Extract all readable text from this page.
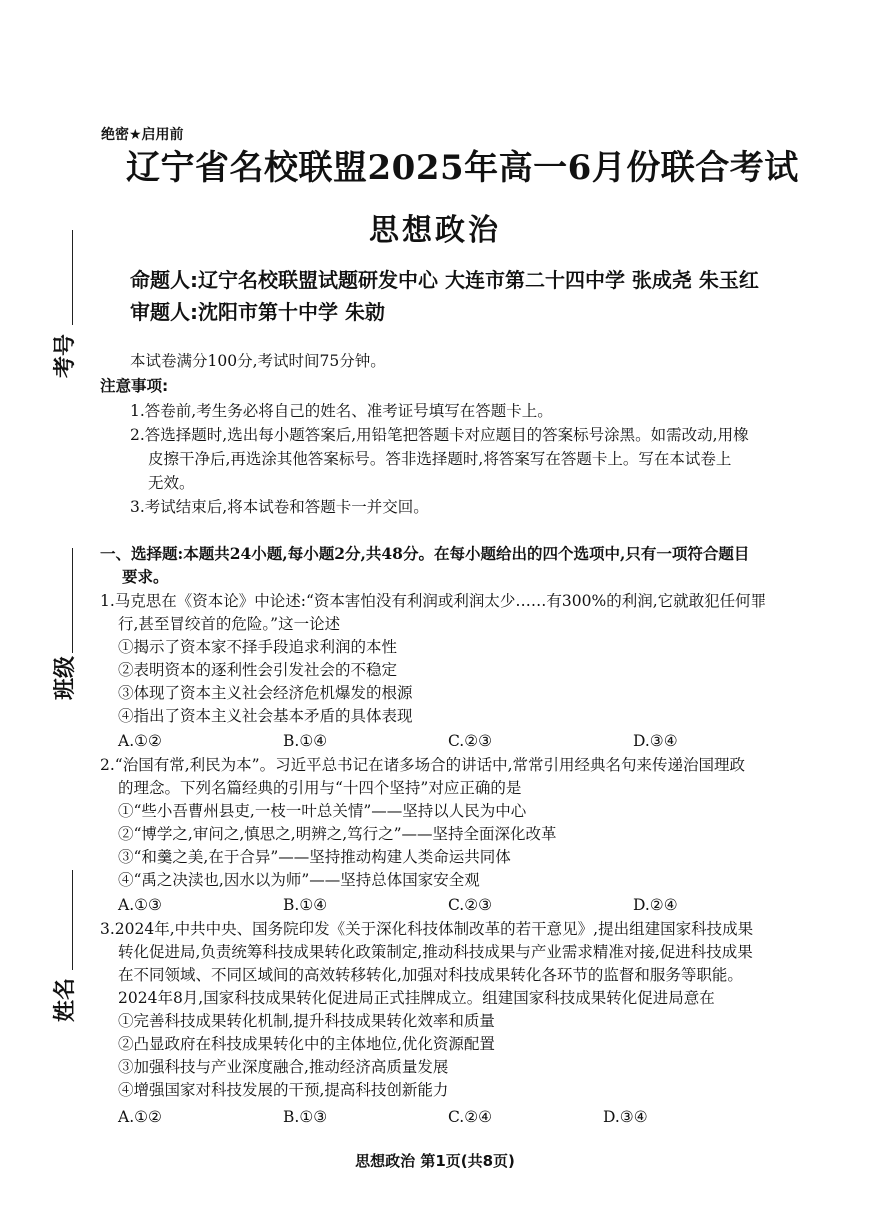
考号
班级
姓名
绝密★启用前
辽宁省名校联盟2025年高一6月份联合考试
思想政治
命题人:辽宁名校联盟试题研发中心 大连市第二十四中学 张成尧 朱玉红
审题人:沈阳市第十中学 朱勍
本试卷满分100分,考试时间75分钟。
注意事项:
1.答卷前,考生务必将自己的姓名、准考证号填写在答题卡上。
2.答选择题时,选出每小题答案后,用铅笔把答题卡对应题目的答案标号涂黑。如需改动,用橡
皮擦干净后,再选涂其他答案标号。答非选择题时,将答案写在答题卡上。写在本试卷上
无效。
3.考试结束后,将本试卷和答题卡一并交回。
一、选择题:本题共24小题,每小题2分,共48分。在每小题给出的四个选项中,只有一项符合题目
要求。
1.马克思在《资本论》中论述:“资本害怕没有利润或利润太少……有300%的利润,它就敢犯任何罪
行,甚至冒绞首的危险。”这一论述
①揭示了资本家不择手段追求利润的本性
②表明资本的逐利性会引发社会的不稳定
③体现了资本主义社会经济危机爆发的根源
④指出了资本主义社会基本矛盾的具体表现
A.①②	B.①④	C.②③	D.③④
2.“治国有常,利民为本”。习近平总书记在诸多场合的讲话中,常常引用经典名句来传递治国理政
的理念。下列名篇经典的引用与“十四个坚持”对应正确的是
①“些小吾曹州县吏,一枝一叶总关情”——坚持以人民为中心
②“博学之,审问之,慎思之,明辨之,笃行之”——坚持全面深化改革
③“和羹之美,在于合异”——坚持推动构建人类命运共同体
④“禹之决渎也,因水以为师”——坚持总体国家安全观
A.①③	B.①④	C.②③	D.②④
3.2024年,中共中央、国务院印发《关于深化科技体制改革的若干意见》,提出组建国家科技成果
转化促进局,负责统筹科技成果转化政策制定,推动科技成果与产业需求精准对接,促进科技成果
在不同领域、不同区域间的高效转移转化,加强对科技成果转化各环节的监督和服务等职能。
2024年8月,国家科技成果转化促进局正式挂牌成立。组建国家科技成果转化促进局意在
①完善科技成果转化机制,提升科技成果转化效率和质量
②凸显政府在科技成果转化中的主体地位,优化资源配置
③加强科技与产业深度融合,推动经济高质量发展
④增强国家对科技发展的干预,提高科技创新能力
A.①②	B.①③	C.②④	D.③④
思想政治 第1页(共8页)
